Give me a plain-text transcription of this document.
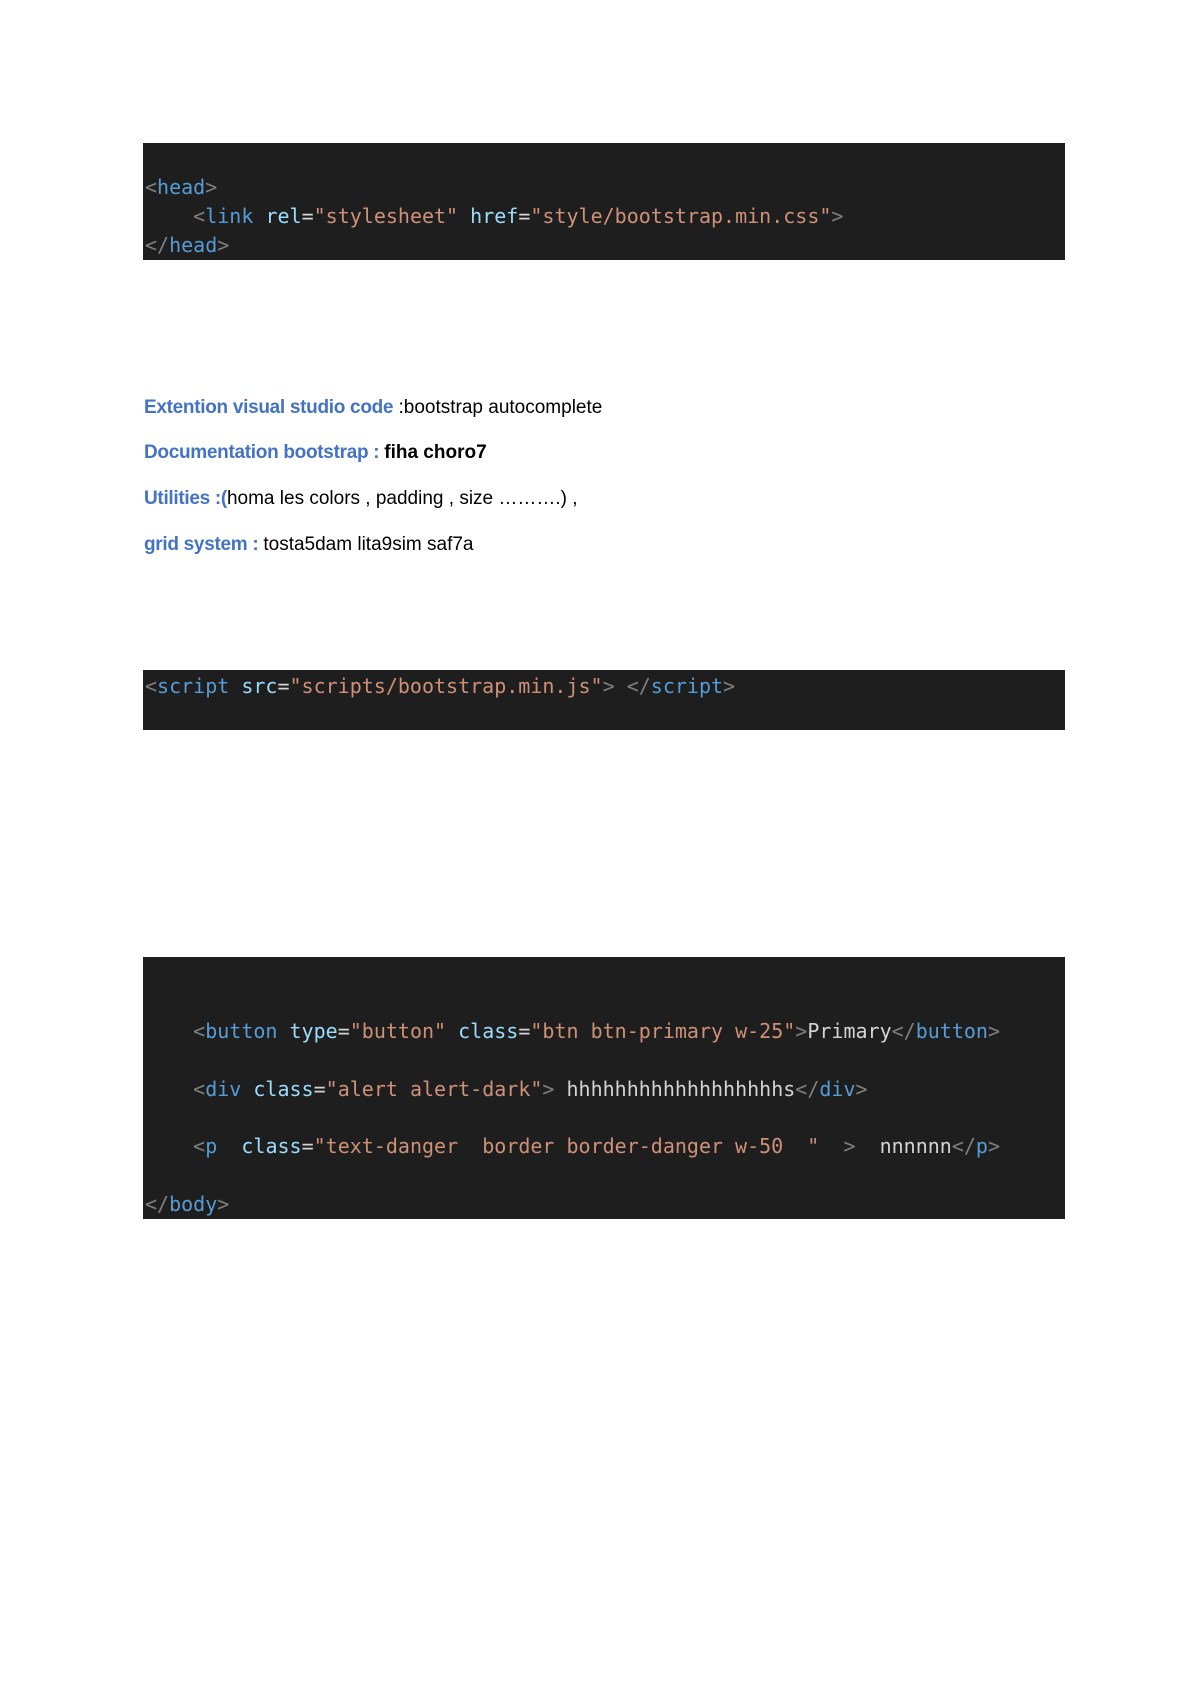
<head>

<link rel="stylesheet" href="style/bootstrap.min.css">

</head>

Extention visual studio code :bootstrap autocomplete
Documentation bootstrap : fiha choro7
Utilities :(homa les colors , padding , size ……….) ,
grid system : tosta5dam lita9sim saf7a

<script src="scripts/bootstrap.min.js"> </script>

<button type="button" class="btn btn-primary w-25">Primary</button>

<div class="alert alert-dark"> hhhhhhhhhhhhhhhhhhs</div>

<p class="text-danger  border border-danger w-50  "  >  nnnnnn</p>

</body>
